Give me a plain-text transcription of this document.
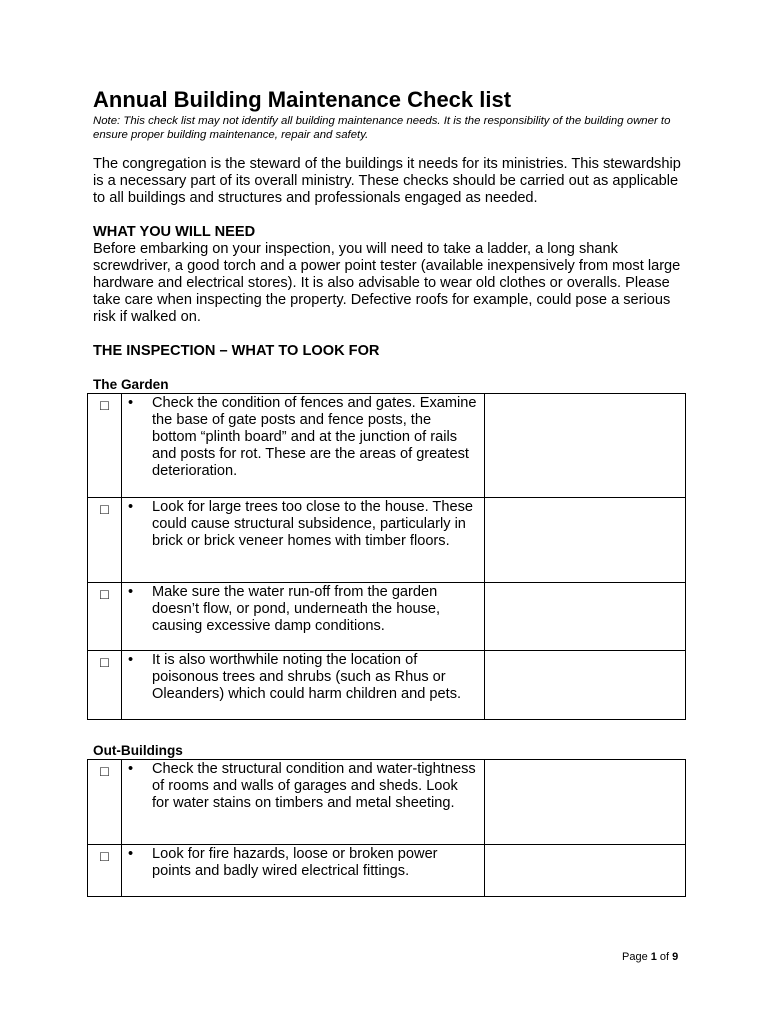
Annual Building Maintenance Check list

Note: This check list may not identify all building maintenance needs. It is the responsibility of the building owner to ensure proper building maintenance, repair and safety.

The congregation is the steward of the buildings it needs for its ministries. This stewardship is a necessary part of its overall ministry. These checks should be carried out as applicable to all buildings and structures and professionals engaged as needed.

WHAT YOU WILL NEED

Before embarking on your inspection, you will need to take a ladder, a long shank screwdriver, a good torch and a power point tester (available inexpensively from most large hardware and electrical stores). It is also advisable to wear old clothes or overalls. Please take care when inspecting the property. Defective roofs for example, could pose a serious risk if walked on.

THE INSPECTION – WHAT TO LOOK FOR

The Garden

□	• Check the condition of fences and gates. Examine the base of gate posts and fence posts, the bottom “plinth board” and at the junction of rails and posts for rot. These are the areas of greatest deterioration.	

□	• Look for large trees too close to the house. These could cause structural subsidence, particularly in brick or brick veneer homes with timber floors.	

□	• Make sure the water run-off from the garden doesn’t flow, or pond, underneath the house, causing excessive damp conditions.	

□	• It is also worthwhile noting the location of poisonous trees and shrubs (such as Rhus or Oleanders) which could harm children and pets.	

Out-Buildings

□	• Check the structural condition and water-tightness of rooms and walls of garages and sheds. Look for water stains on timbers and metal sheeting.	

□	• Look for fire hazards, loose or broken power points and badly wired electrical fittings.	

Page 1 of 9
